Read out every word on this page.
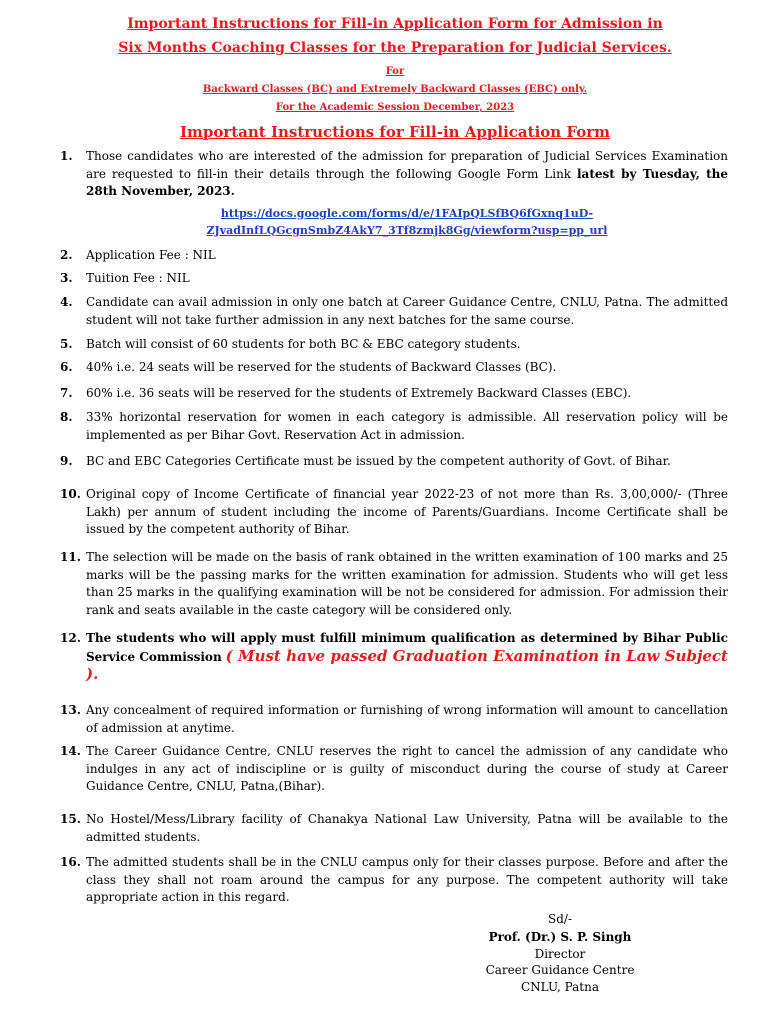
Important Instructions for Fill-in Application Form for Admission in
Six Months Coaching Classes for the Preparation for Judicial Services.
For
Backward Classes (BC) and Extremely Backward Classes (EBC) only.
For the Academic Session December, 2023
Important Instructions for Fill-in Application Form
1.	Those candidates who are interested of the admission for preparation of Judicial Services Examination are requested to fill-in their details through the following Google Form Link latest by Tuesday, the 28th November, 2023.
https://docs.google.com/forms/d/e/1FAIpQLSfBQ6fGxnq1uD-
ZJvadInfLQGcgnSmbZ4AkY7_3Tf8zmjk8Gg/viewform?usp=pp_url
2.	Application Fee : NIL
3.	Tuition Fee : NIL
4.	Candidate can avail admission in only one batch at Career Guidance Centre, CNLU, Patna. The admitted student will not take further admission in any next batches for the same course.
5.	Batch will consist of 60 students for both BC & EBC category students.
6.	40% i.e. 24 seats will be reserved for the students of Backward Classes (BC).
7.	60% i.e. 36 seats will be reserved for the students of Extremely Backward Classes (EBC).
8.	33% horizontal reservation for women in each category is admissible. All reservation policy will be implemented as per Bihar Govt. Reservation Act in admission.
9.	BC and EBC Categories Certificate must be issued by the competent authority of Govt. of Bihar.
10. Original copy of Income Certificate of financial year 2022-23 of not more than Rs. 3,00,000/- (Three Lakh) per annum of student including the income of Parents/Guardians. Income Certificate shall be issued by the competent authority of Bihar.
11. The selection will be made on the basis of rank obtained in the written examination of 100 marks and 25 marks will be the passing marks for the written examination for admission. Students who will get less than 25 marks in the qualifying examination will be not be considered for admission. For admission their rank and seats available in the caste category will be considered only.
12. The students who will apply must fulfill minimum qualification as determined by Bihar Public Service Commission ( Must have passed Graduation Examination in Law Subject ).
13. Any concealment of required information or furnishing of wrong information will amount to cancellation of admission at anytime.
14. The Career Guidance Centre, CNLU reserves the right to cancel the admission of any candidate who indulges in any act of indiscipline or is guilty of misconduct during the course of study at Career Guidance Centre, CNLU, Patna,(Bihar).
15. No Hostel/Mess/Library facility of Chanakya National Law University, Patna will be available to the admitted students.
16. The admitted students shall be in the CNLU campus only for their classes purpose. Before and after the class they shall not roam around the campus for any purpose. The competent authority will take appropriate action in this regard.
Sd/-
Prof. (Dr.) S. P. Singh
Director
Career Guidance Centre
CNLU, Patna
